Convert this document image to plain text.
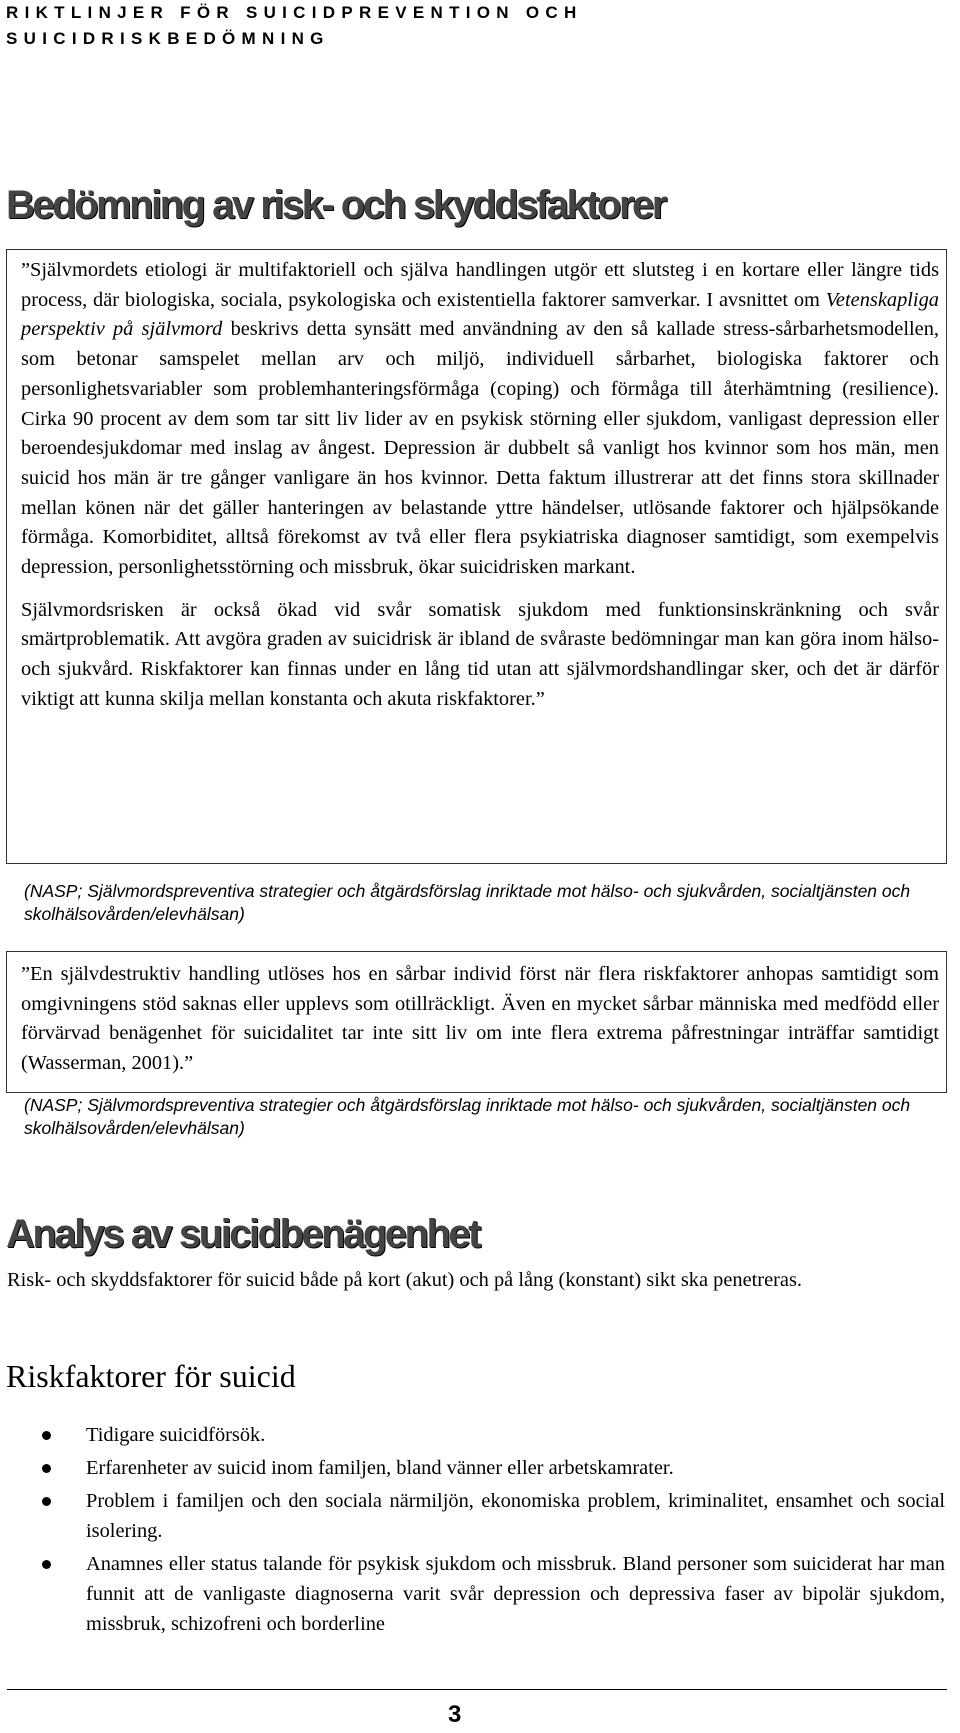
RIKTLINJER FÖR SUICIDPREVENTION OCH
SUICIDRISKBEDÖMNING
Bedömning av risk- och skyddsfaktorer

”Självmordets etiologi är multifaktoriell och själva handlingen utgör ett slutsteg i en kortare eller längre tids process, där biologiska, sociala, psykologiska och existentiella faktorer samverkar. I avsnittet om Vetenskapliga perspektiv på självmord beskrivs detta synsätt med användning av den så kallade stress-sårbarhetsmodellen, som betonar samspelet mellan arv och miljö, individuell sårbarhet, biologiska faktorer och personlighetsvariabler som problemhanteringsförmåga (coping) och förmåga till återhämtning (resilience). Cirka 90 procent av dem som tar sitt liv lider av en psykisk störning eller sjukdom, vanligast depression eller beroendesjukdomar med inslag av ångest. Depression är dubbelt så vanligt hos kvinnor som hos män, men suicid hos män är tre gånger vanligare än hos kvinnor. Detta faktum illustrerar att det finns stora skillnader mellan könen när det gäller hanteringen av belastande yttre händelser, utlösande faktorer och hjälpsökande förmåga. Komorbiditet, alltså förekomst av två eller flera psykiatriska diagnoser samtidigt, som exempelvis depression, personlighetsstörning och missbruk, ökar suicidrisken markant.

Självmordsrisken är också ökad vid svår somatisk sjukdom med funktionsinskränkning och svår smärtproblematik. Att avgöra graden av suicidrisk är ibland de svåraste bedömningar man kan göra inom hälso- och sjukvård. Riskfaktorer kan finnas under en lång tid utan att självmordshandlingar sker, och det är därför viktigt att kunna skilja mellan konstanta och akuta riskfaktorer.”

(NASP; Självmordspreventiva strategier och åtgärdsförslag inriktade mot hälso- och sjukvården, socialtjänsten och skolhälsovården/elevhälsan)

”En självdestruktiv handling utlöses hos en sårbar individ först när flera riskfaktorer anhopas samtidigt som omgivningens stöd saknas eller upplevs som otillräckligt. Även en mycket sårbar människa med medfödd eller förvärvad benägenhet för suicidalitet tar inte sitt liv om inte flera extrema påfrestningar inträffar samtidigt (Wasserman, 2001).”

(NASP; Självmordspreventiva strategier och åtgärdsförslag inriktade mot hälso- och sjukvården, socialtjänsten och skolhälsovården/elevhälsan)
Analys av suicidbenägenhet
Risk- och skyddsfaktorer för suicid både på kort (akut) och på lång (konstant) sikt ska penetreras.
Riskfaktorer för suicid
Tidigare suicidförsök.
Erfarenheter av suicid inom familjen, bland vänner eller arbetskamrater.
Problem i familjen och den sociala närmiljön, ekonomiska problem, kriminalitet, ensamhet och social isolering.
Anamnes eller status talande för psykisk sjukdom och missbruk. Bland personer som suiciderat har man funnit att de vanligaste diagnoserna varit svår depression och depressiva faser av bipolär sjukdom, missbruk, schizofreni och borderline
3
